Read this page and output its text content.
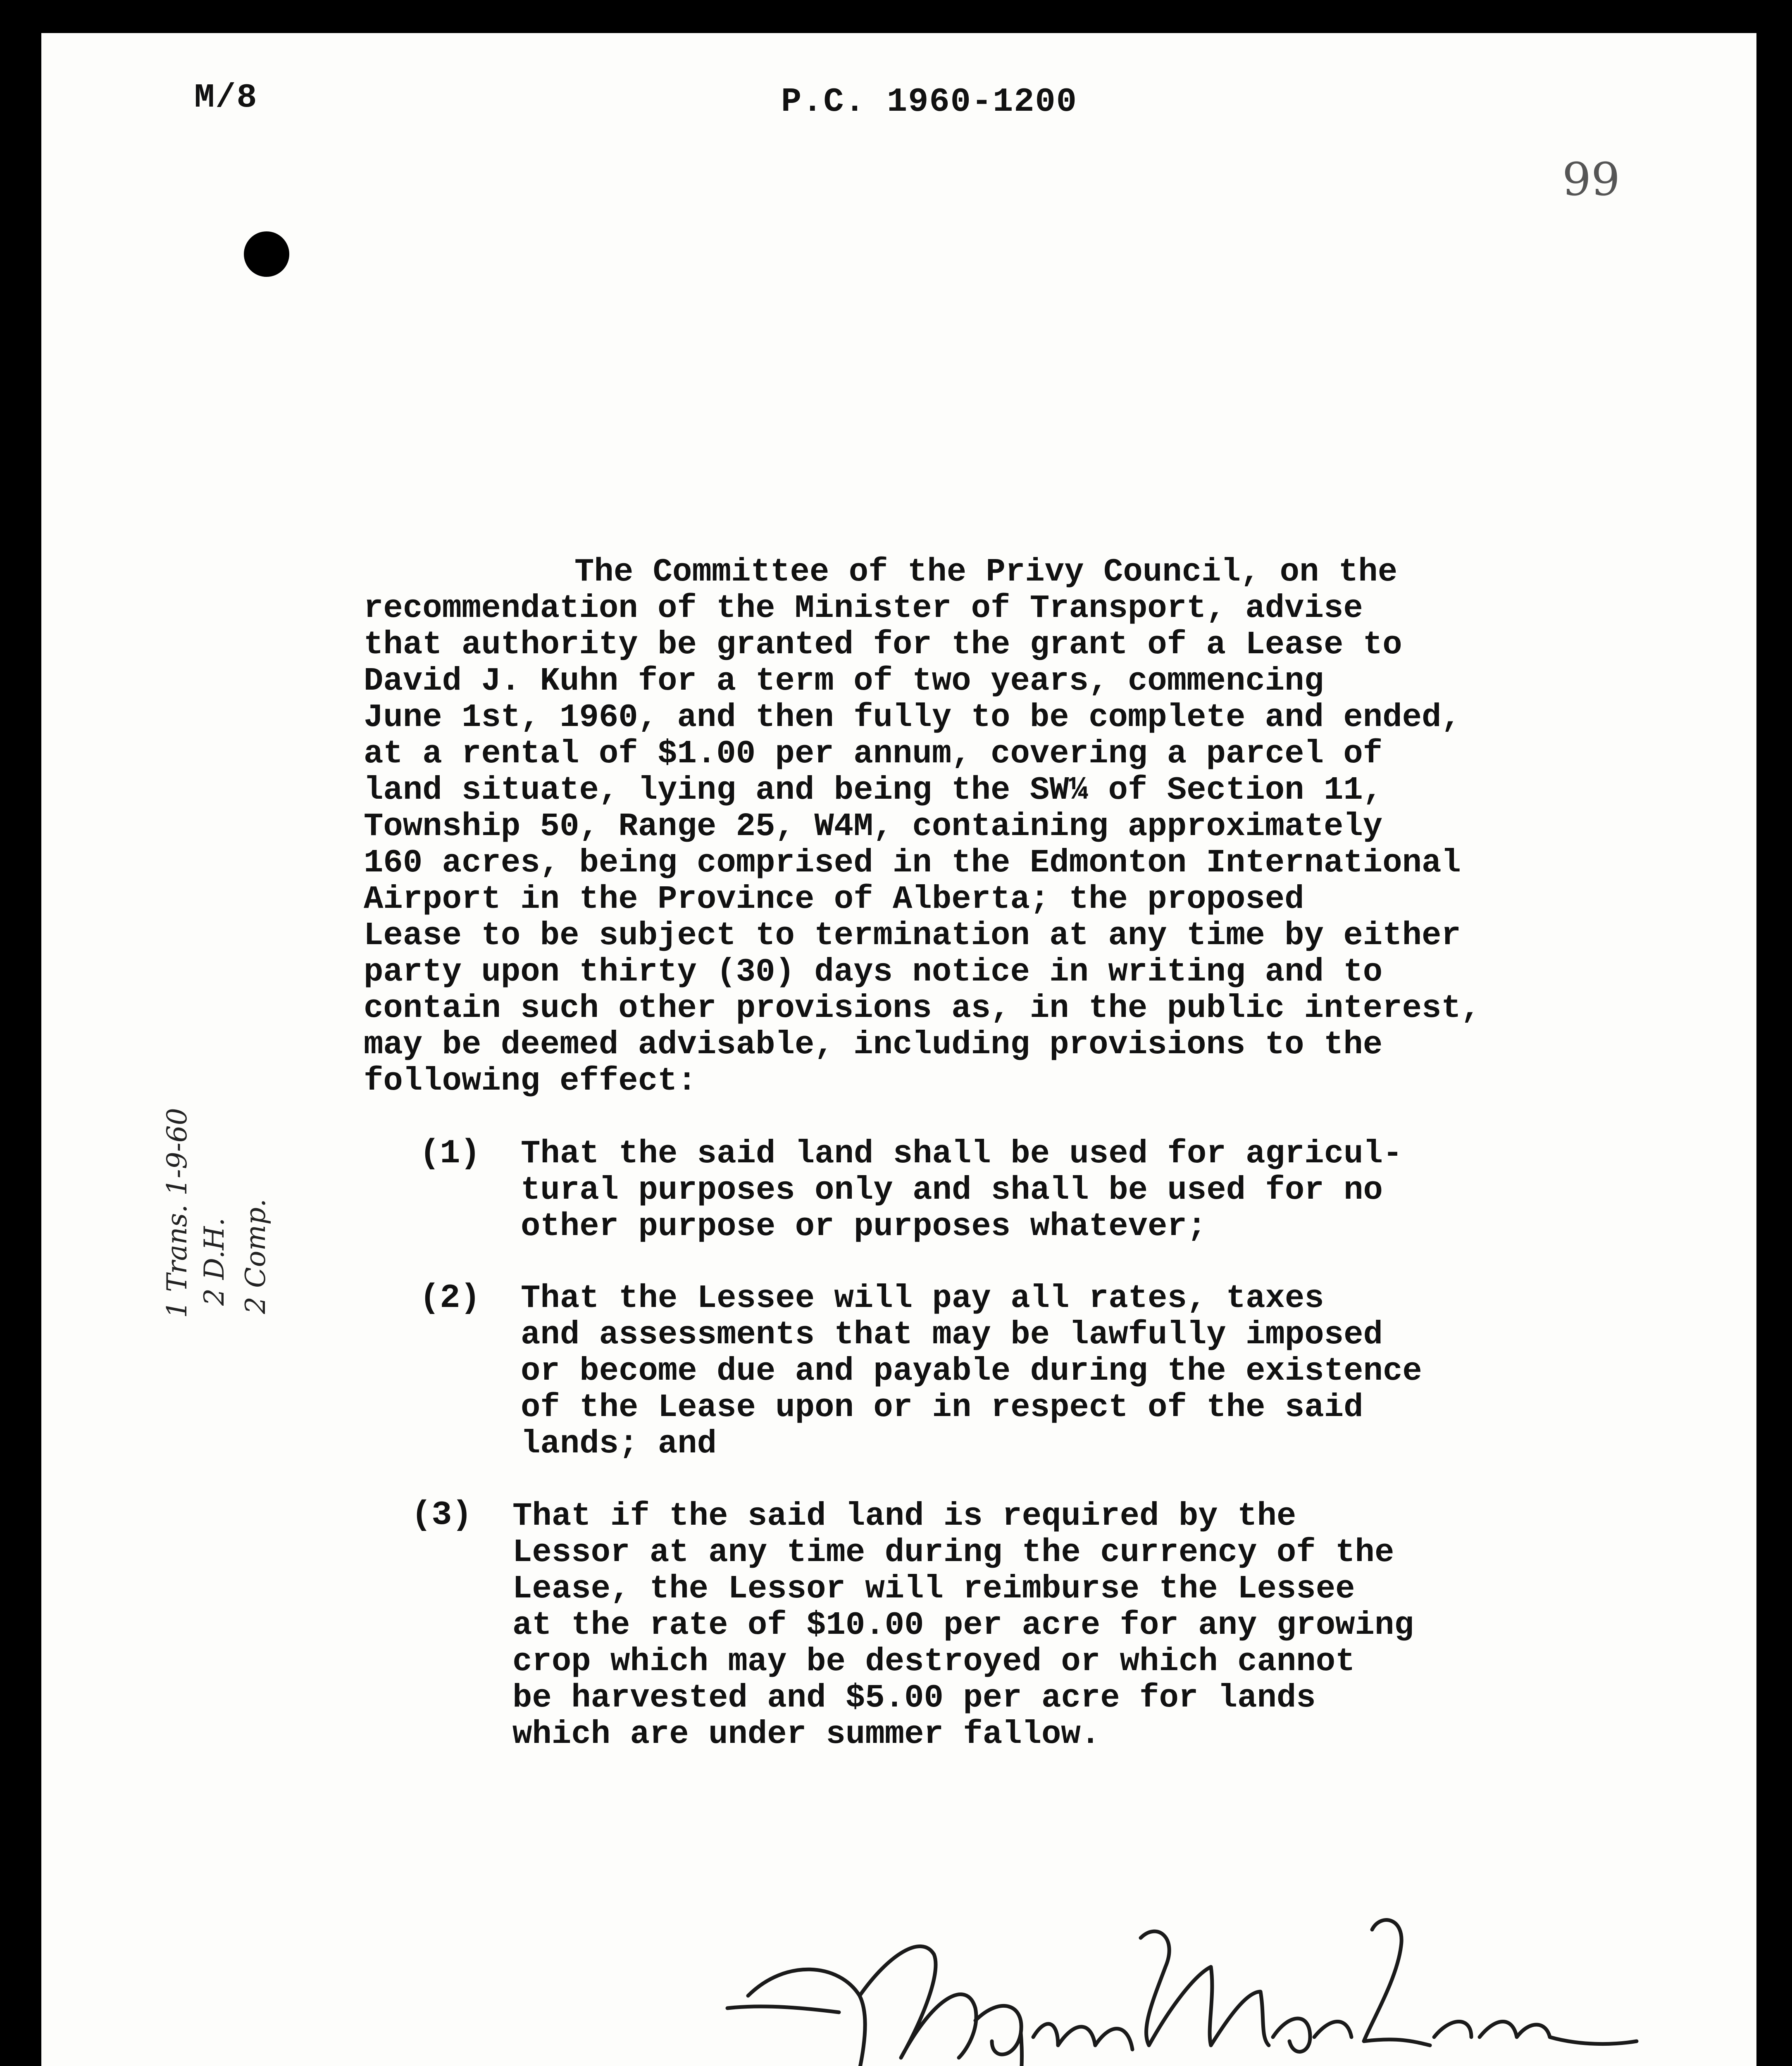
M/8	P.C. 1960-1200
99
1 Trans. 1-9-60 2 D.H. 2 Comp.
The Committee of the Privy Council, on the
recommendation of the Minister of Transport, advise
that authority be granted for the grant of a Lease to
David J. Kuhn for a term of two years, commencing
June 1st, 1960, and then fully to be complete and ended,
at a rental of $1.00 per annum, covering a parcel of
land situate, lying and being the SW¼ of Section 11,
Township 50, Range 25, W4M, containing approximately
160 acres, being comprised in the Edmonton International
Airport in the Province of Alberta; the proposed
Lease to be subject to termination at any time by either
party upon thirty (30) days notice in writing and to
contain such other provisions as, in the public interest,
may be deemed advisable, including provisions to the
following effect:
(1) That the said land shall be used for agricul-
tural purposes only and shall be used for no
other purpose or purposes whatever;
(2) That the Lessee will pay all rates, taxes
and assessments that may be lawfully imposed
or become due and payable during the existence
of the Lease upon or in respect of the said
lands; and
(3) That if the said land is required by the
Lessor at any time during the currency of the
Lease, the Lessor will reimburse the Lessee
at the rate of $10.00 per acre for any growing
crop which may be destroyed or which cannot
be harvested and $5.00 per acre for lands
which are under summer fallow.
